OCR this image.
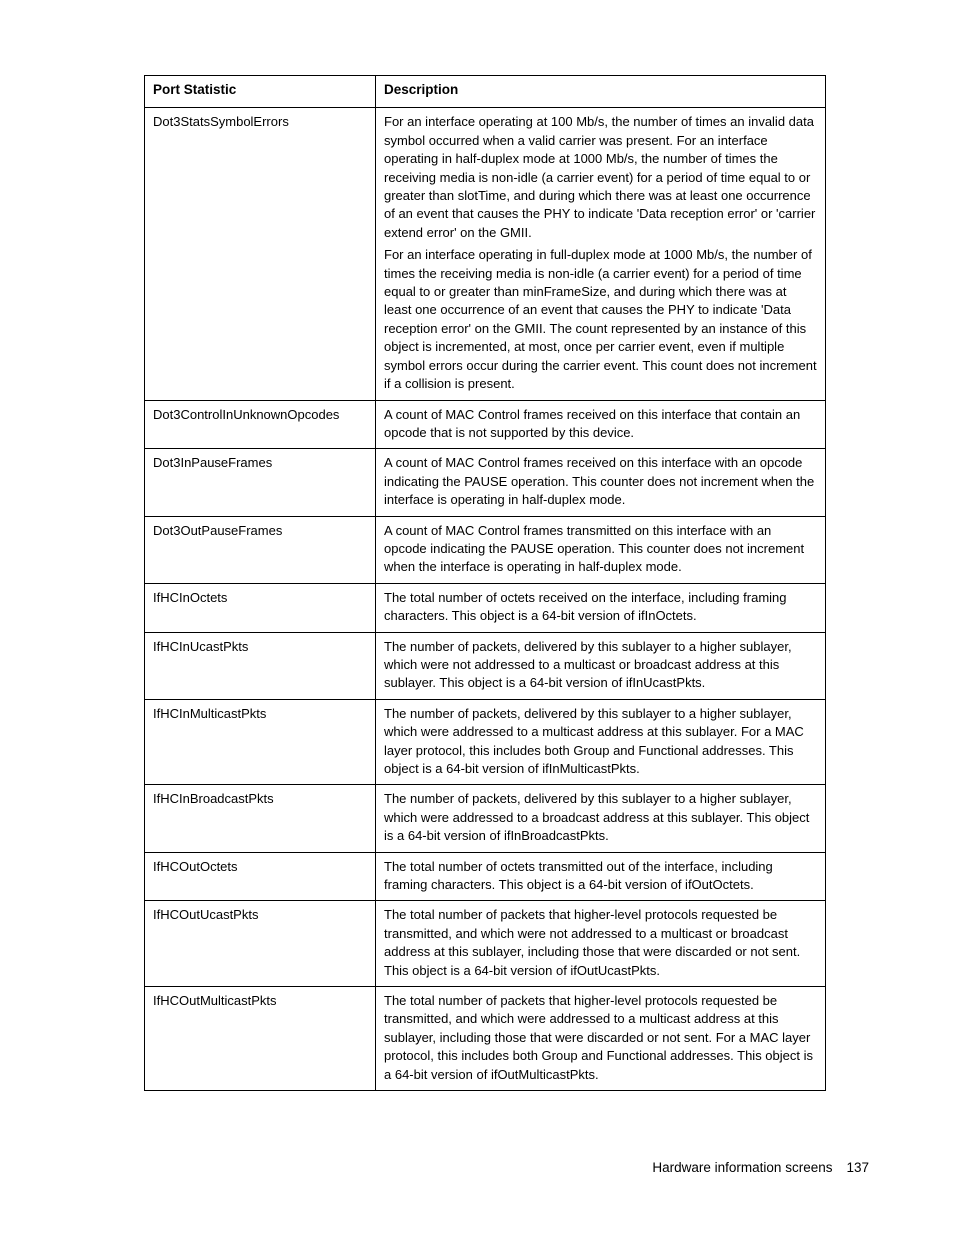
Port Statistic	Description
Dot3StatsSymbolErrors	For an interface operating at 100 Mb/s, the number of times an invalid data symbol occurred when a valid carrier was present. For an interface operating in half-duplex mode at 1000 Mb/s, the number of times the receiving media is non-idle (a carrier event) for a period of time equal to or greater than slotTime, and during which there was at least one occurrence of an event that causes the PHY to indicate 'Data reception error' or 'carrier extend error' on the GMII.

For an interface operating in full-duplex mode at 1000 Mb/s, the number of times the receiving media is non-idle (a carrier event) for a period of time equal to or greater than minFrameSize, and during which there was at least one occurrence of an event that causes the PHY to indicate 'Data reception error' on the GMII. The count represented by an instance of this object is incremented, at most, once per carrier event, even if multiple symbol errors occur during the carrier event. This count does not increment if a collision is present.

Dot3ControlInUnknownOpcodes	A count of MAC Control frames received on this interface that contain an opcode that is not supported by this device.

Dot3InPauseFrames	A count of MAC Control frames received on this interface with an opcode indicating the PAUSE operation. This counter does not increment when the interface is operating in half-duplex mode.

Dot3OutPauseFrames	A count of MAC Control frames transmitted on this interface with an opcode indicating the PAUSE operation. This counter does not increment when the interface is operating in half-duplex mode.

IfHCInOctets	The total number of octets received on the interface, including framing characters. This object is a 64-bit version of ifInOctets.

IfHCInUcastPkts	The number of packets, delivered by this sublayer to a higher sublayer, which were not addressed to a multicast or broadcast address at this sublayer. This object is a 64-bit version of ifInUcastPkts.

IfHCInMulticastPkts	The number of packets, delivered by this sublayer to a higher sublayer, which were addressed to a multicast address at this sublayer. For a MAC layer protocol, this includes both Group and Functional addresses. This object is a 64-bit version of ifInMulticastPkts.

IfHCInBroadcastPkts	The number of packets, delivered by this sublayer to a higher sublayer, which were addressed to a broadcast address at this sublayer. This object is a 64-bit version of ifInBroadcastPkts.

IfHCOutOctets	The total number of octets transmitted out of the interface, including framing characters. This object is a 64-bit version of ifOutOctets.

IfHCOutUcastPkts	The total number of packets that higher-level protocols requested be transmitted, and which were not addressed to a multicast or broadcast address at this sublayer, including those that were discarded or not sent. This object is a 64-bit version of ifOutUcastPkts.

IfHCOutMulticastPkts	The total number of packets that higher-level protocols requested be transmitted, and which were addressed to a multicast address at this sublayer, including those that were discarded or not sent. For a MAC layer protocol, this includes both Group and Functional addresses. This object is a 64-bit version of ifOutMulticastPkts.

Hardware information screens 137
